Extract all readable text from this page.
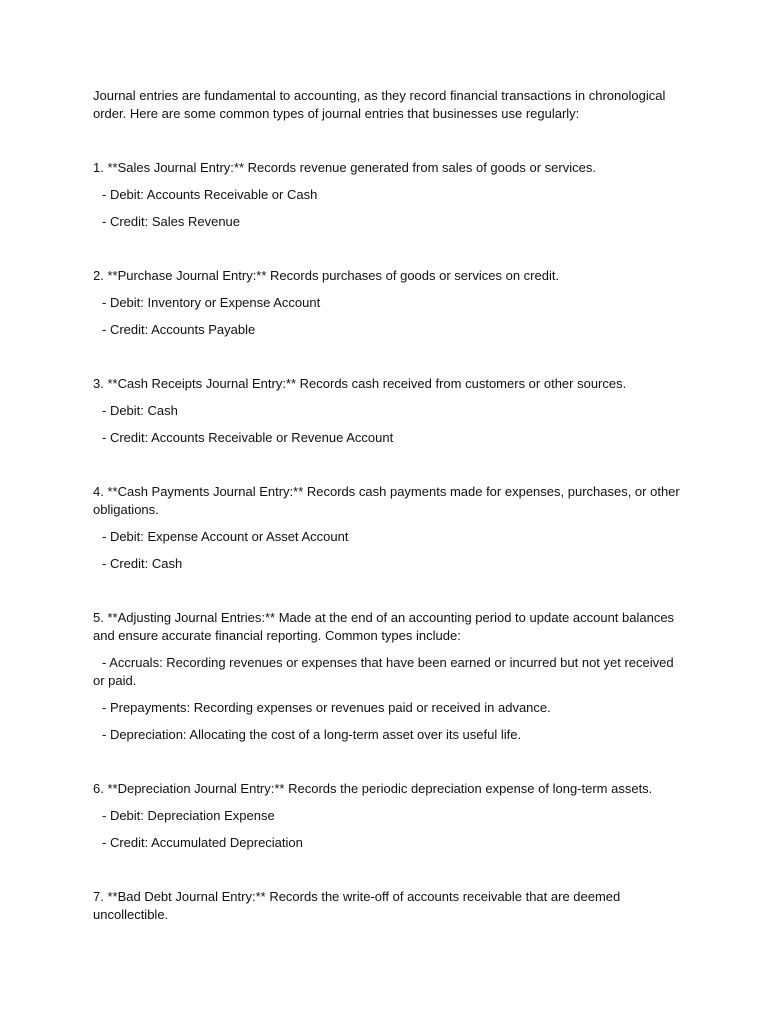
Journal entries are fundamental to accounting, as they record financial transactions in chronological order. Here are some common types of journal entries that businesses use regularly:

1. **Sales Journal Entry:** Records revenue generated from sales of goods or services.

- Debit: Accounts Receivable or Cash

- Credit: Sales Revenue

2. **Purchase Journal Entry:** Records purchases of goods or services on credit.

- Debit: Inventory or Expense Account

- Credit: Accounts Payable

3. **Cash Receipts Journal Entry:** Records cash received from customers or other sources.

- Debit: Cash

- Credit: Accounts Receivable or Revenue Account

4. **Cash Payments Journal Entry:** Records cash payments made for expenses, purchases, or other obligations.

- Debit: Expense Account or Asset Account

- Credit: Cash

5. **Adjusting Journal Entries:** Made at the end of an accounting period to update account balances and ensure accurate financial reporting. Common types include:

- Accruals: Recording revenues or expenses that have been earned or incurred but not yet received or paid.

- Prepayments: Recording expenses or revenues paid or received in advance.

- Depreciation: Allocating the cost of a long-term asset over its useful life.

6. **Depreciation Journal Entry:** Records the periodic depreciation expense of long-term assets.

- Debit: Depreciation Expense

- Credit: Accumulated Depreciation

7. **Bad Debt Journal Entry:** Records the write-off of accounts receivable that are deemed uncollectible.
